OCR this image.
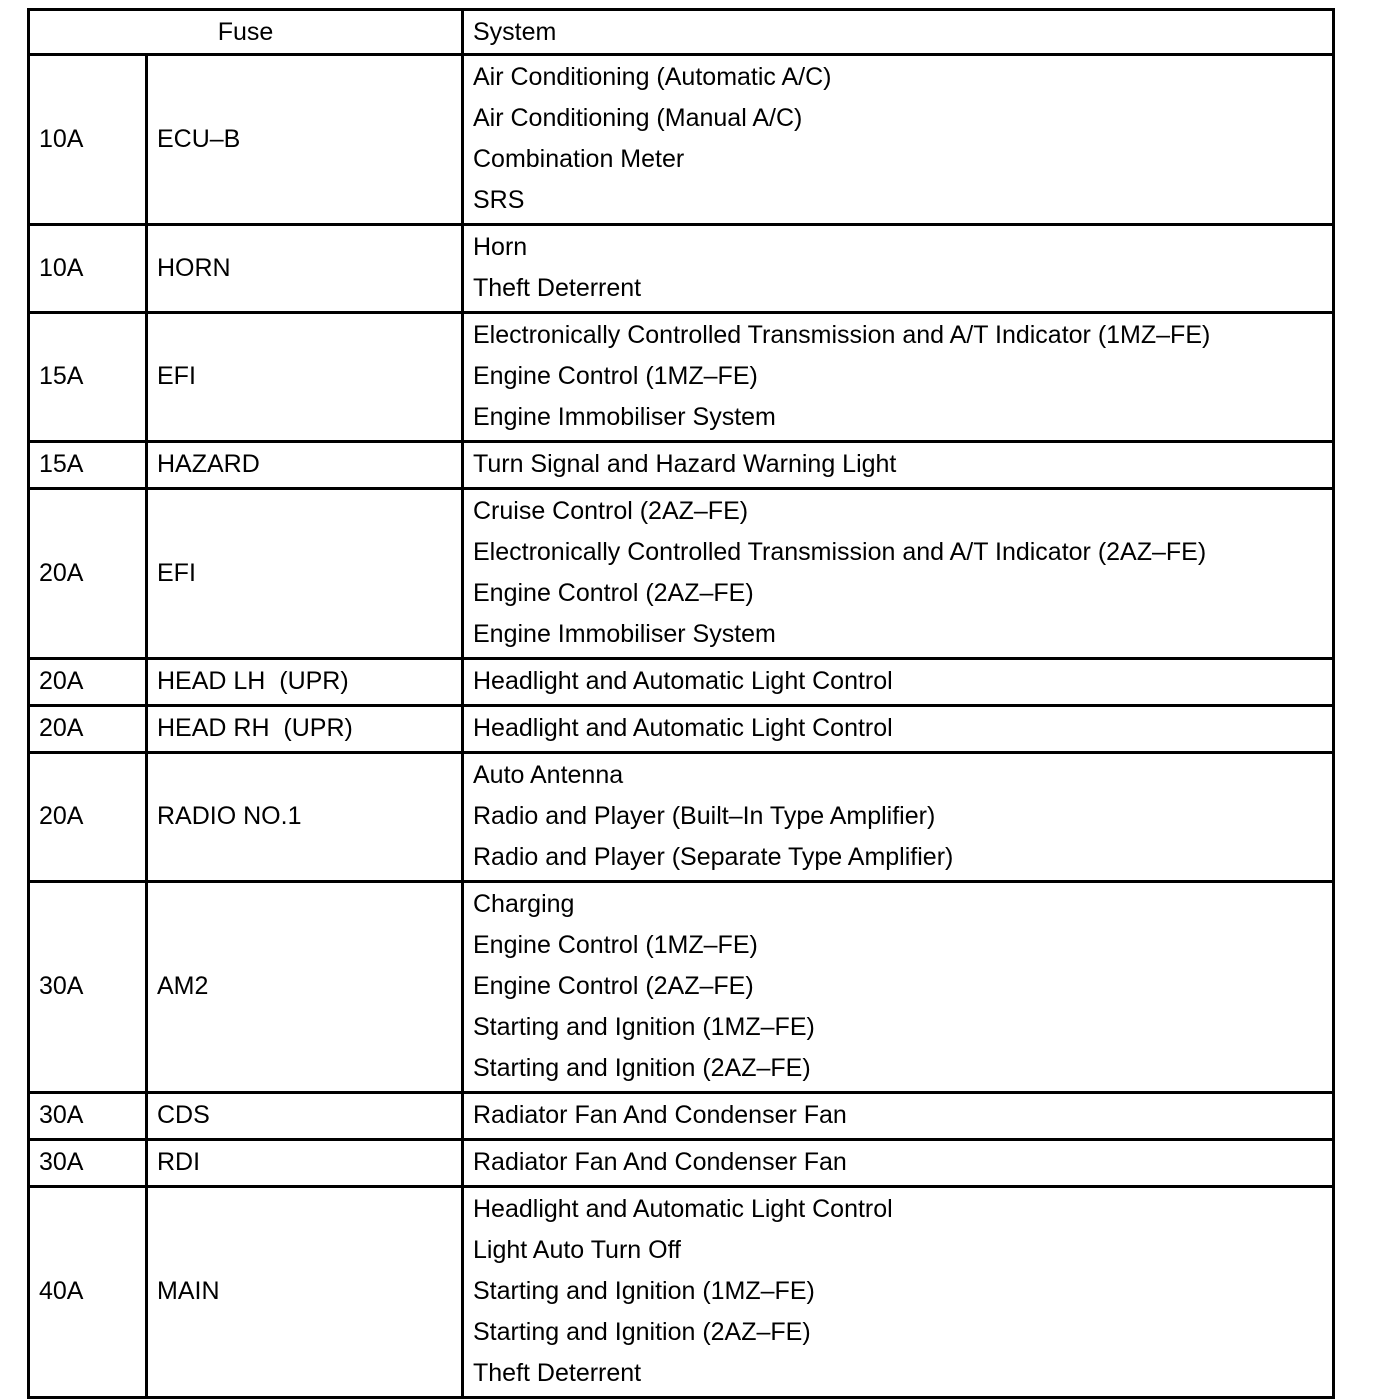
Fuse		System
10A	ECU–B	Air Conditioning (Automatic A/C)
Air Conditioning (Manual A/C)
Combination Meter
SRS

10A	HORN	Horn
Theft Deterrent

15A	EFI	Electronically Controlled Transmission and A/T Indicator (1MZ–FE)
Engine Control (1MZ–FE)
Engine Immobiliser System

15A	HAZARD	Turn Signal and Hazard Warning Light

20A	EFI	Cruise Control (2AZ–FE)
Electronically Controlled Transmission and A/T Indicator (2AZ–FE)
Engine Control (2AZ–FE)
Engine Immobiliser System

20A	HEAD LH  (UPR)	Headlight and Automatic Light Control

20A	HEAD RH  (UPR)	Headlight and Automatic Light Control

20A	RADIO NO.1	Auto Antenna
Radio and Player (Built–In Type Amplifier)
Radio and Player (Separate Type Amplifier)

30A	AM2	Charging
Engine Control (1MZ–FE)
Engine Control (2AZ–FE)
Starting and Ignition (1MZ–FE)
Starting and Ignition (2AZ–FE)

30A	CDS	Radiator Fan And Condenser Fan

30A	RDI	Radiator Fan And Condenser Fan

40A	MAIN	Headlight and Automatic Light Control
Light Auto Turn Off
Starting and Ignition (1MZ–FE)
Starting and Ignition (2AZ–FE)
Theft Deterrent
